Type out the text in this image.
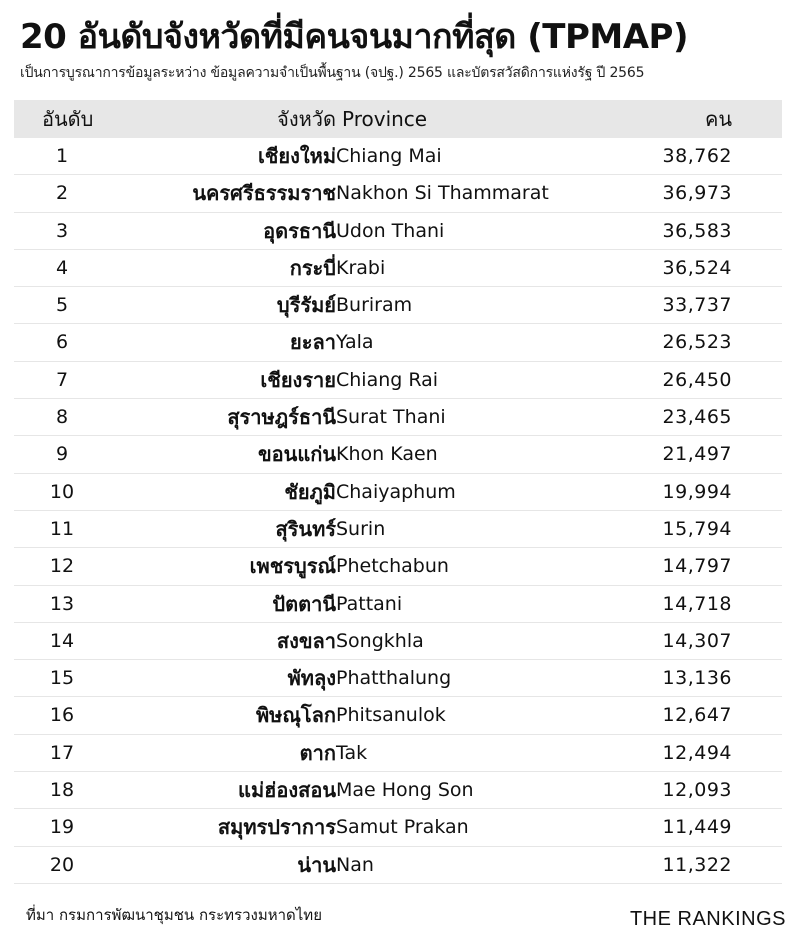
20 อันดับจังหวัดที่มีคนจนมากที่สุด (TPMAP)
เป็นการบูรณาการข้อมูลระหว่าง ข้อมูลความจำเป็นพื้นฐาน (จปฐ.) 2565 และบัตรสวัสดิการแห่งรัฐ ปี 2565
อันดับ	จังหวัด Province	คน
1	เชียงใหม่ Chiang Mai	38,762
2	นครศรีธรรมราช Nakhon Si Thammarat	36,973
3	อุดรธานี Udon Thani	36,583
4	กระบี่ Krabi	36,524
5	บุรีรัมย์ Buriram	33,737
6	ยะลา Yala	26,523
7	เชียงราย Chiang Rai	26,450
8	สุราษฎร์ธานี Surat Thani	23,465
9	ขอนแก่น Khon Kaen	21,497
10	ชัยภูมิ Chaiyaphum	19,994
11	สุรินทร์ Surin	15,794
12	เพชรบูรณ์ Phetchabun	14,797
13	ปัตตานี Pattani	14,718
14	สงขลา Songkhla	14,307
15	พัทลุง Phatthalung	13,136
16	พิษณุโลก Phitsanulok	12,647
17	ตาก Tak	12,494
18	แม่ฮ่องสอน Mae Hong Son	12,093
19	สมุทรปราการ Samut Prakan	11,449
20	น่าน Nan	11,322
ที่มา กรมการพัฒนาชุมชน กระทรวงมหาดไทย	THE RANKINGS
